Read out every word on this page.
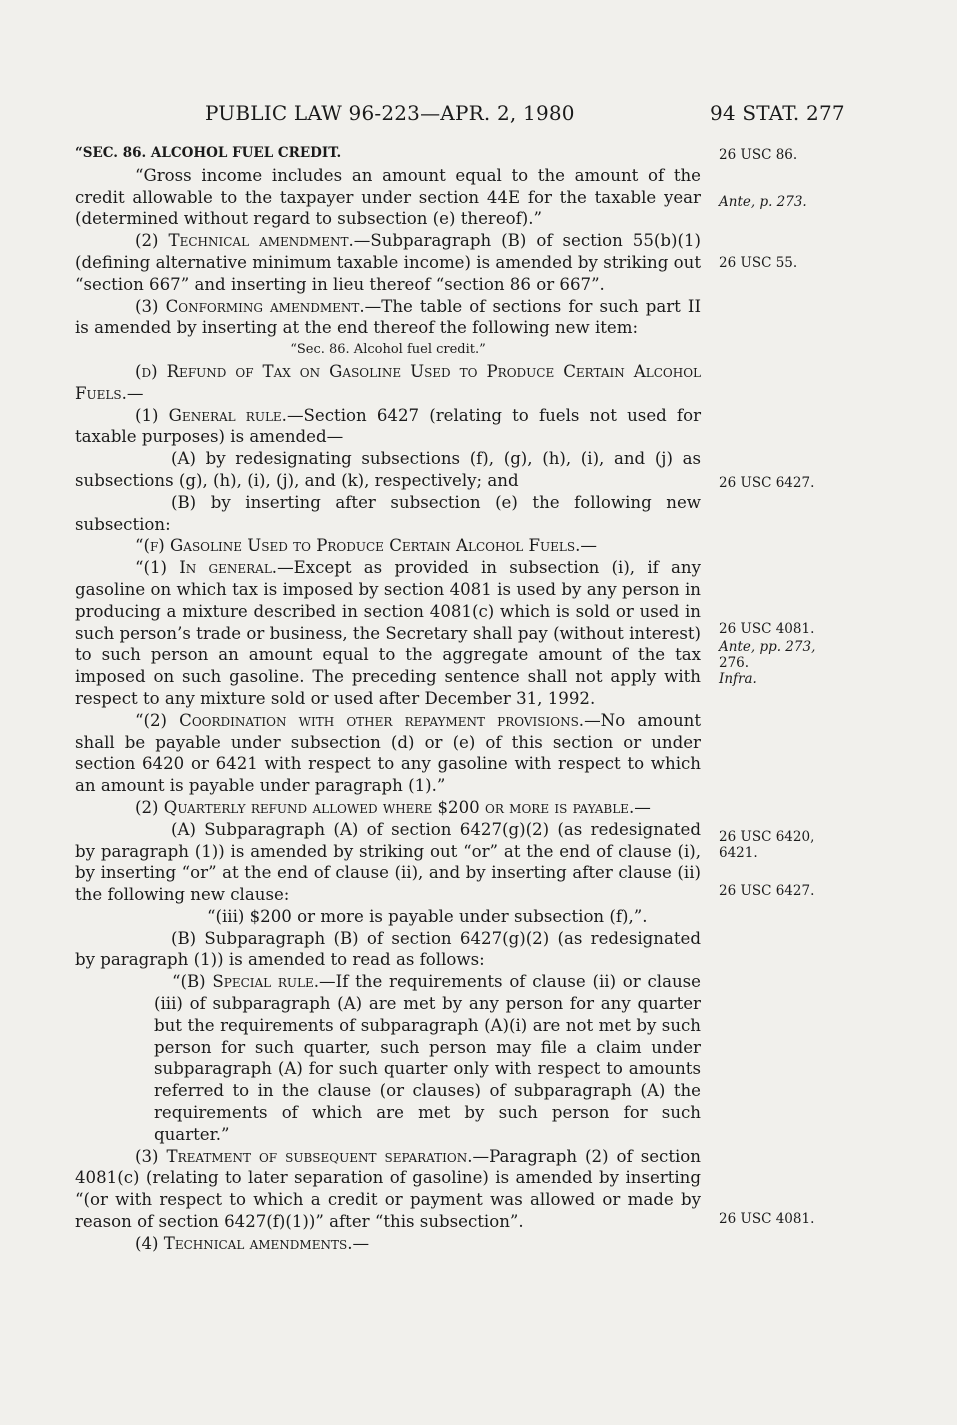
PUBLIC LAW 96-223—APR. 2, 1980	94 STAT. 277

“SEC. 86. ALCOHOL FUEL CREDIT.

“Gross income includes an amount equal to the amount of the credit allowable to the taxpayer under section 44E for the taxable year (determined without regard to subsection (e) thereof).”

(2) Technical amendment.—Subparagraph (B) of section 55(b)(1) (defining alternative minimum taxable income) is amended by striking out “section 667” and inserting in lieu thereof “section 86 or 667”.

(3) Conforming amendment.—The table of sections for such part II is amended by inserting at the end thereof the following new item:

“Sec. 86. Alcohol fuel credit.”

(d) Refund of Tax on Gasoline Used to Produce Certain Alcohol Fuels.—

(1) General rule.—Section 6427 (relating to fuels not used for taxable purposes) is amended—

(A) by redesignating subsections (f), (g), (h), (i), and (j) as subsections (g), (h), (i), (j), and (k), respectively; and

(B) by inserting after subsection (e) the following new subsection:

“(f) Gasoline Used to Produce Certain Alcohol Fuels.—

“(1) In general.—Except as provided in subsection (i), if any gasoline on which tax is imposed by section 4081 is used by any person in producing a mixture described in section 4081(c) which is sold or used in such person’s trade or business, the Secretary shall pay (without interest) to such person an amount equal to the aggregate amount of the tax imposed on such gasoline. The preceding sentence shall not apply with respect to any mixture sold or used after December 31, 1992.

“(2) Coordination with other repayment provisions.—No amount shall be payable under subsection (d) or (e) of this section or under section 6420 or 6421 with respect to any gasoline with respect to which an amount is payable under paragraph (1).”

(2) Quarterly refund allowed where $200 or more is payable.—

(A) Subparagraph (A) of section 6427(g)(2) (as redesignated by paragraph (1)) is amended by striking out “or” at the end of clause (i), by inserting “or” at the end of clause (ii), and by inserting after clause (ii) the following new clause:

“(iii) $200 or more is payable under subsection (f),”.

(B) Subparagraph (B) of section 6427(g)(2) (as redesignated by paragraph (1)) is amended to read as follows:

“(B) Special rule.—If the requirements of clause (ii) or clause (iii) of subparagraph (A) are met by any person for any quarter but the requirements of subparagraph (A)(i) are not met by such person for such quarter, such person may file a claim under subparagraph (A) for such quarter only with respect to amounts referred to in the clause (or clauses) of subparagraph (A) the requirements of which are met by such person for such quarter.”

(3) Treatment of subsequent separation.—Paragraph (2) of section 4081(c) (relating to later separation of gasoline) is amended by inserting “(or with respect to which a credit or payment was allowed or made by reason of section 6427(f)(1))” after “this subsection”.

(4) Technical amendments.—

26 USC 86.
Ante, p. 273.
26 USC 55.
26 USC 6427.
26 USC 4081.
Ante, pp. 273,
276.
Infra.
26 USC 6420,
6421.
26 USC 6427.
26 USC 4081.
